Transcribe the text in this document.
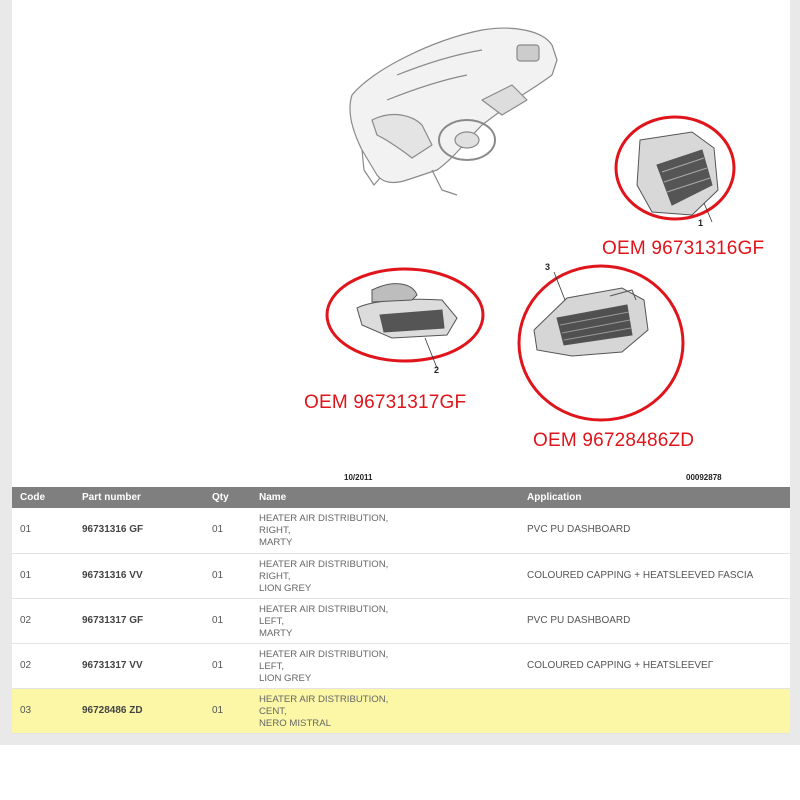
1
OEM 96731316GF
2
OEM 96731317GF
3
OEM 96728486ZD
10/2011	00092878
Code	Part number	Qty	Name	Application
01	96731316 GF	01	HEATER AIR DISTRIBUTION,
RIGHT,
MARTY	PVC PU DASHBOARD
01	96731316 VV	01	HEATER AIR DISTRIBUTION,
RIGHT,
LION GREY	COLOURED CAPPING + HEATSLEEVED FASCIA
02	96731317 GF	01	HEATER AIR DISTRIBUTION,
LEFT,
MARTY	PVC PU DASHBOARD
02	96731317 VV	01	HEATER AIR DISTRIBUTION,
LEFT,
LION GREY	COLOURED CAPPING + HEATSLEEVEΓ
03	96728486 ZD	01	HEATER AIR DISTRIBUTION,
CENT,
NERO MISTRAL	
